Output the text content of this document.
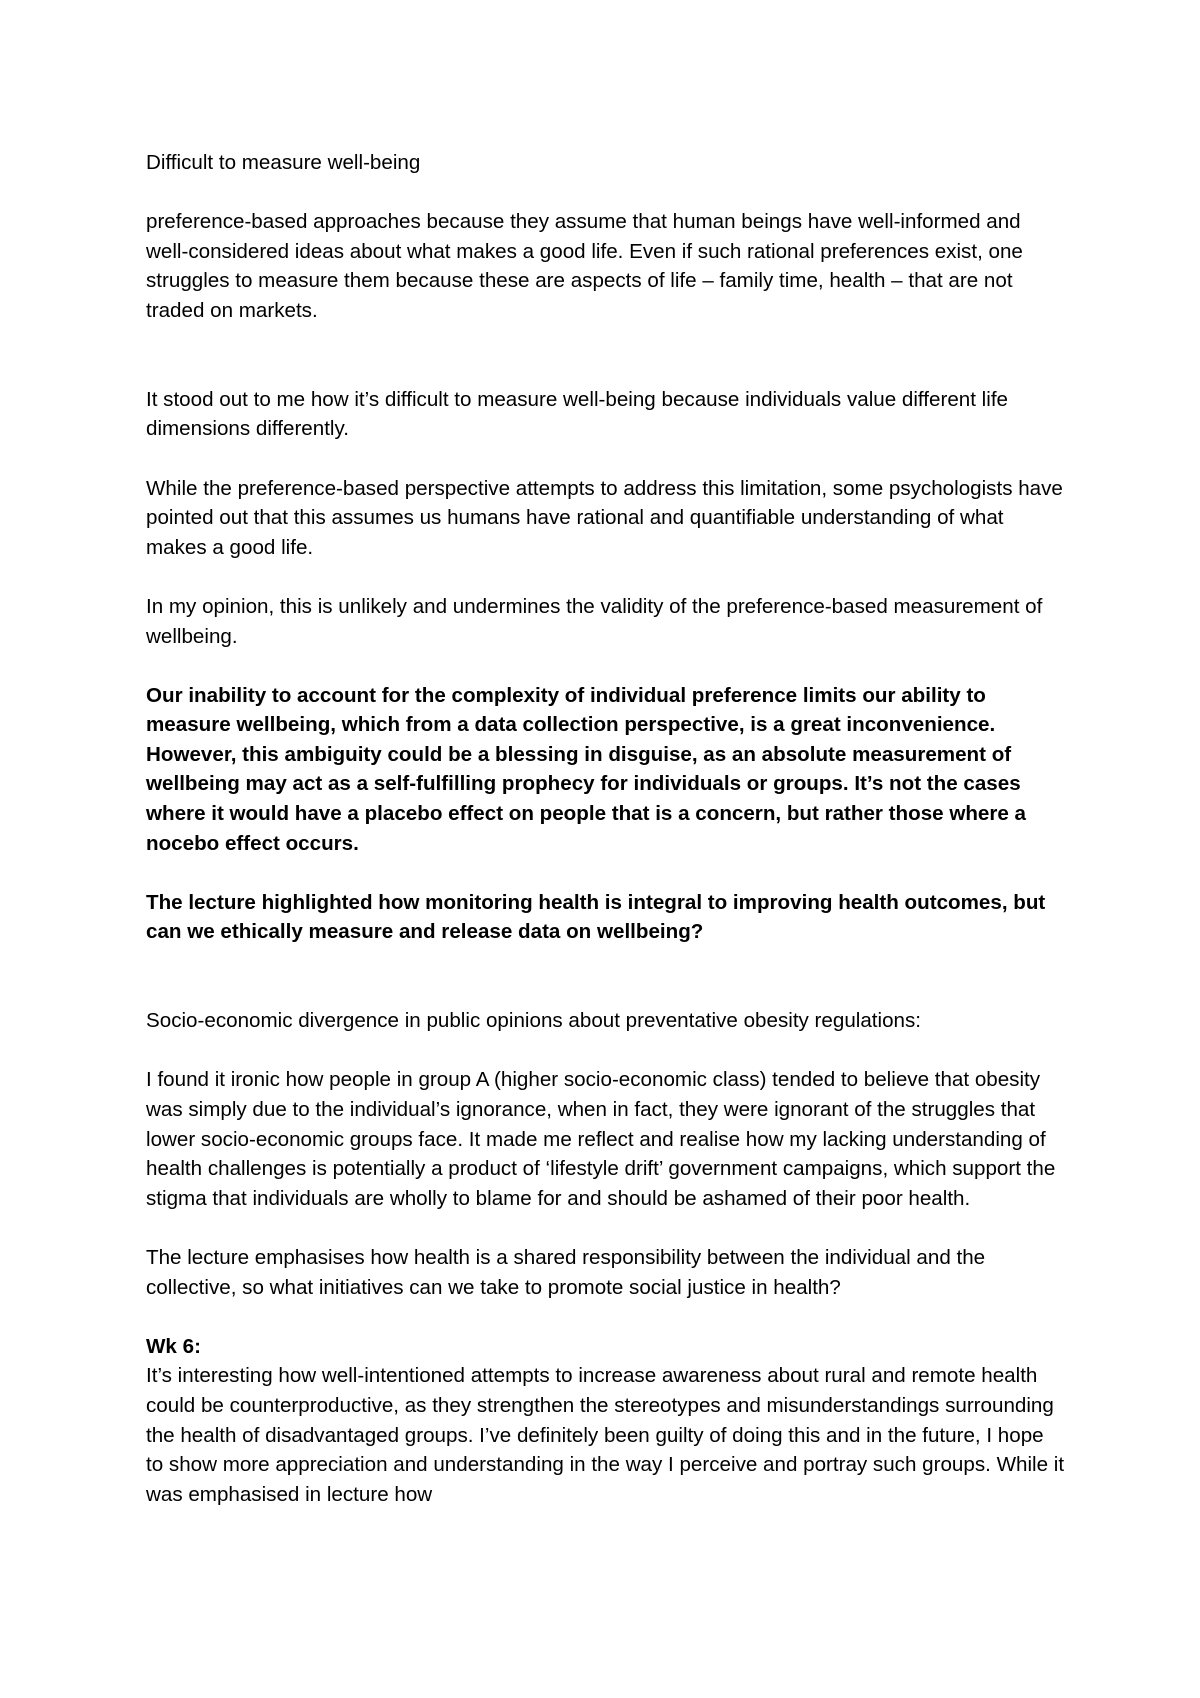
Difficult to measure well-being

preference-based approaches because they assume that human beings have well-informed and well-considered ideas about what makes a good life. Even if such rational preferences exist, one struggles to measure them because these are aspects of life – family time, health – that are not traded on markets.

It stood out to me how it’s difficult to measure well-being because individuals value different life dimensions differently.

While the preference-based perspective attempts to address this limitation, some psychologists have pointed out that this assumes us humans have rational and quantifiable understanding of what makes a good life.

In my opinion, this is unlikely and undermines the validity of the preference-based measurement of wellbeing.

Our inability to account for the complexity of individual preference limits our ability to measure wellbeing, which from a data collection perspective, is a great inconvenience. However, this ambiguity could be a blessing in disguise, as an absolute measurement of wellbeing may act as a self-fulfilling prophecy for individuals or groups. It’s not the cases where it would have a placebo effect on people that is a concern, but rather those where a nocebo effect occurs.

The lecture highlighted how monitoring health is integral to improving health outcomes, but can we ethically measure and release data on wellbeing?

Socio-economic divergence in public opinions about preventative obesity regulations:

I found it ironic how people in group A (higher socio-economic class) tended to believe that obesity was simply due to the individual’s ignorance, when in fact, they were ignorant of the struggles that lower socio-economic groups face. It made me reflect and realise how my lacking understanding of health challenges is potentially a product of ‘lifestyle drift’ government campaigns, which support the stigma that individuals are wholly to blame for and should be ashamed of their poor health.

The lecture emphasises how health is a shared responsibility between the individual and the collective, so what initiatives can we take to promote social justice in health?

Wk 6:

It’s interesting how well-intentioned attempts to increase awareness about rural and remote health could be counterproductive, as they strengthen the stereotypes and misunderstandings surrounding the health of disadvantaged groups. I’ve definitely been guilty of doing this and in the future, I hope to show more appreciation and understanding in the way I perceive and portray such groups. While it was emphasised in lecture how
